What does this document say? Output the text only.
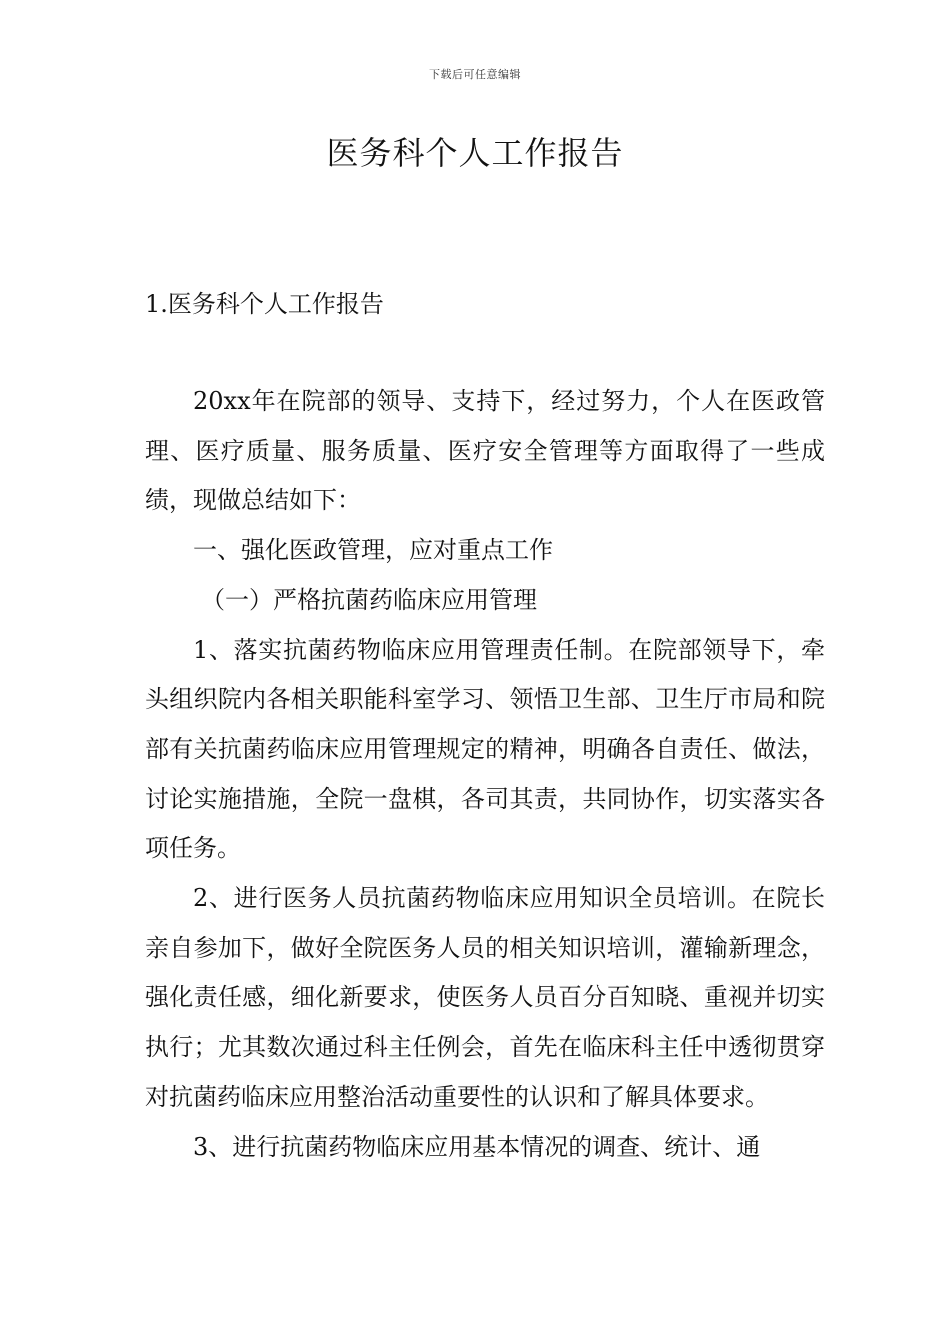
下载后可任意编辑
医务科个人工作报告
1.医务科个人工作报告

20xx年在院部的领导、支持下，经过努力，个人在医政管理、医疗质量、服务质量、医疗安全管理等方面取得了一些成绩，现做总结如下：

一、强化医政管理，应对重点工作

（一）严格抗菌药临床应用管理

1、落实抗菌药物临床应用管理责任制。在院部领导下，牵头组织院内各相关职能科室学习、领悟卫生部、卫生厅市局和院部有关抗菌药临床应用管理规定的精神，明确各自责任、做法，讨论实施措施，全院一盘棋，各司其责，共同协作，切实落实各项任务。

2、进行医务人员抗菌药物临床应用知识全员培训。在院长亲自参加下，做好全院医务人员的相关知识培训，灌输新理念，强化责任感，细化新要求，使医务人员百分百知晓、重视并切实执行；尤其数次通过科主任例会，首先在临床科主任中透彻贯穿对抗菌药临床应用整治活动重要性的认识和了解具体要求。

3、进行抗菌药物临床应用基本情况的调查、统计、通
